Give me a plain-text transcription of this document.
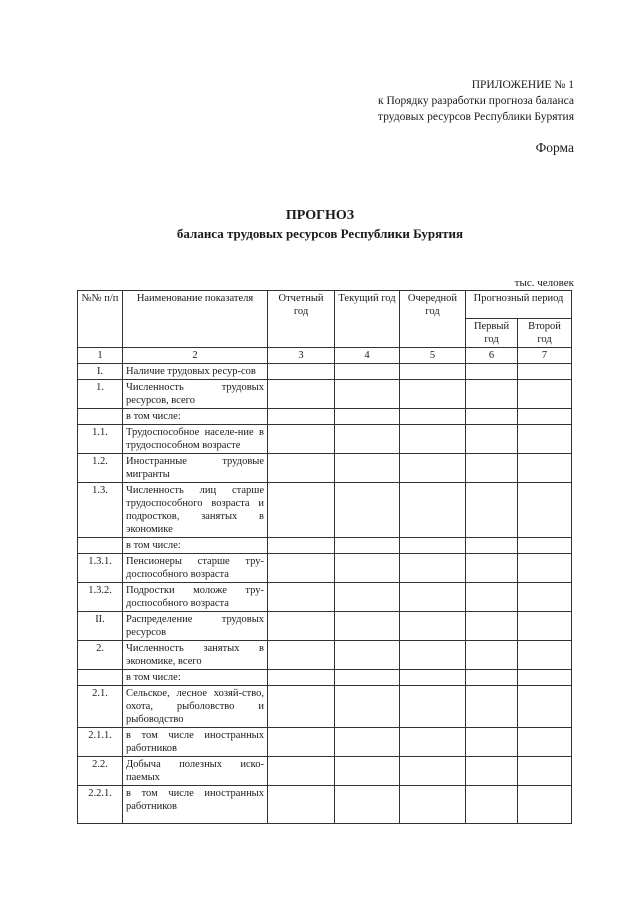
ПРИЛОЖЕНИЕ № 1
к Порядку разработки прогноза баланса
трудовых ресурсов Республики Бурятия
Форма
ПРОГНОЗ
баланса трудовых ресурсов Республики Бурятия
тыс. человек
№№ п/п	Наименование показателя	Отчетный год	Текущий год	Очередной год	Прогнозный период	
					Первый год	Второй год
1	2	3	4	5	6	7
I.	Наличие трудовых ресур-сов					
1.	Численность трудовых ресурсов, всего					
	в том числе:					
1.1.	Трудоспособное населе-ние в трудоспособном возрасте					
1.2.	Иностранные трудовые мигранты					
1.3.	Численность лиц старше трудоспособного возраста и подростков, занятых в экономике					
	в том числе:					
1.3.1.	Пенсионеры старше тру-доспособного возраста					
1.3.2.	Подростки моложе тру-доспособного возраста					
II.	Распределение трудовых ресурсов					
2.	Численность занятых в экономике, всего					
	в том числе:					
2.1.	Сельское, лесное хозяй-ство, охота, рыболовство и рыбоводство					
2.1.1.	в том числе иностранных работников					
2.2.	Добыча полезных иско-паемых					
2.2.1.	в том числе иностранных работников					
